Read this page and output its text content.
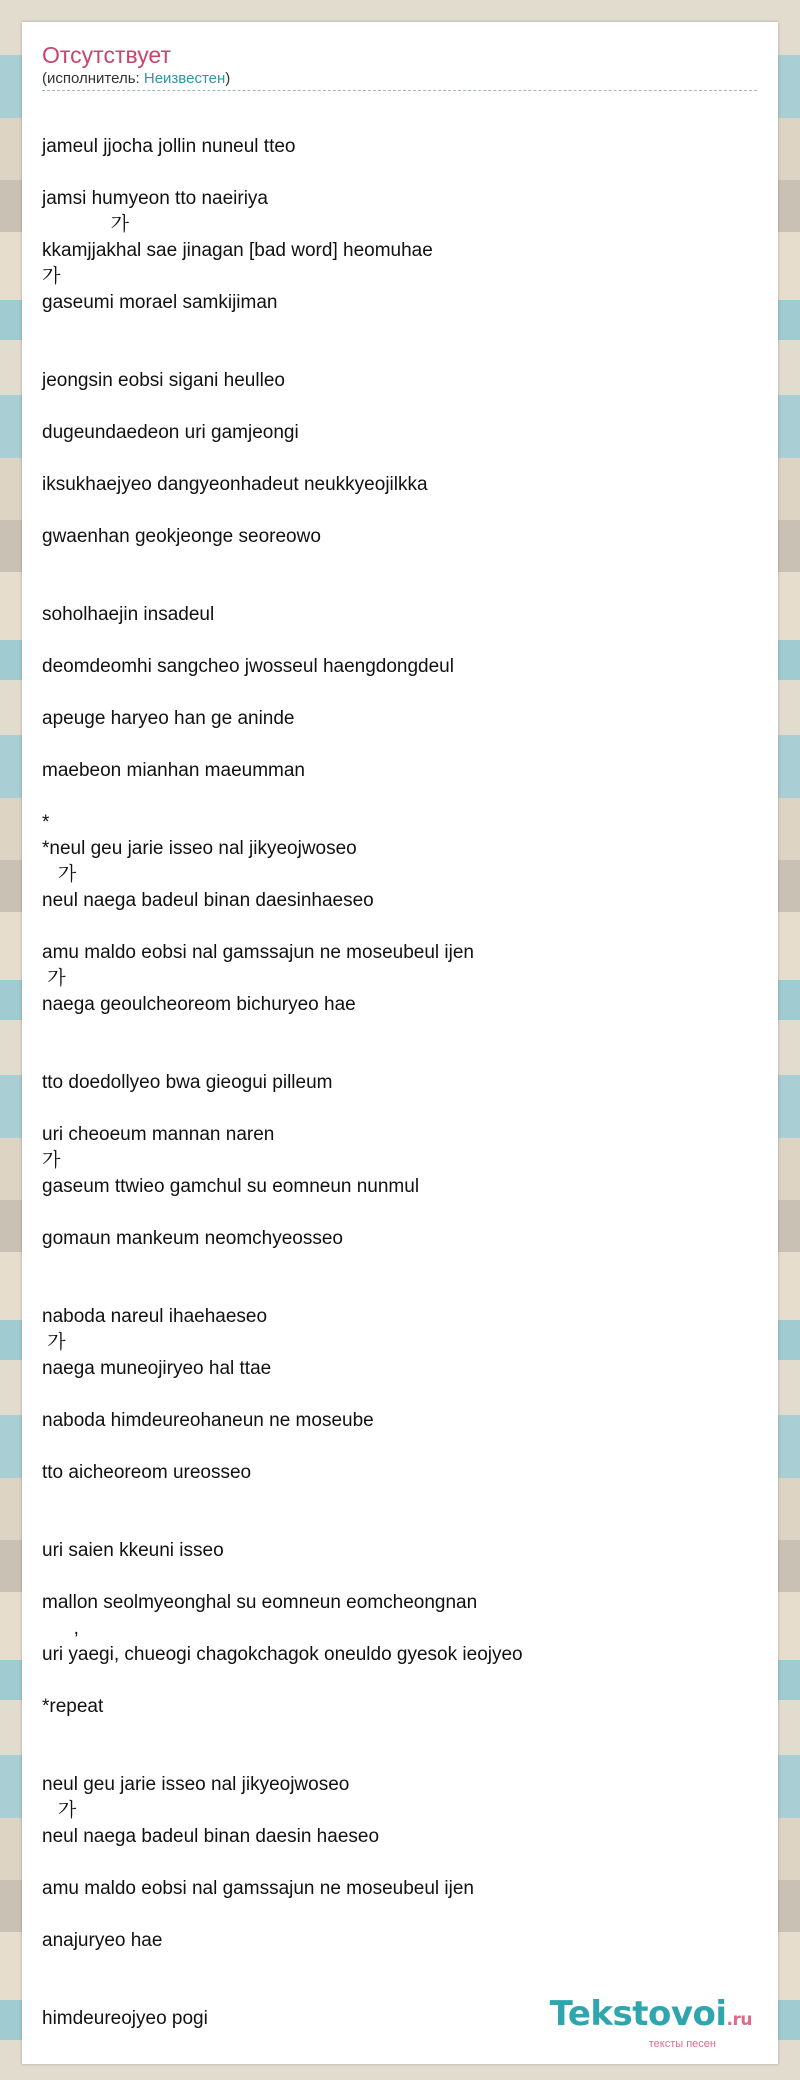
Отсутствует
(исполнитель: Неизвестен)
jameul jjocha jollin nuneul tteo
jamsi humyeon tto naeiriya
가
kkamjjakhal sae jinagan [bad word] heomuhae
가
gaseumi morael samkijiman
jeongsin eobsi sigani heulleo
dugeundaedeon uri gamjeongi
iksukhaejyeo dangyeonhadeut neukkyeojilkka
gwaenhan geokjeonge seoreowo
soholhaejin insadeul
deomdeomhi sangcheo jwosseul haengdongdeul
apeuge haryeo han ge aninde
maebeon mianhan maeumman
*
*neul geu jarie isseo nal jikyeojwoseo
가
neul naega badeul binan daesinhaeseo
amu maldo eobsi nal gamssajun ne moseubeul ijen
가
naega geoulcheoreom bichuryeo hae
tto doedollyeo bwa gieogui pilleum
uri cheoeum mannan naren
가
gaseum ttwieo gamchul su eomneun nunmul
gomaun mankeum neomchyeosseo
naboda nareul ihaehaeseo
가
naega muneojiryeo hal ttae
naboda himdeureohaneun ne moseube
tto aicheoreom ureosseo
uri saien kkeuni isseo
mallon seolmyeonghal su eomneun eomcheongnan
,
uri yaegi, chueogi chagokchagok oneuldo gyesok ieojyeo
*repeat
neul geu jarie isseo nal jikyeojwoseo
가
neul naega badeul binan daesin haeseo
amu maldo eobsi nal gamssajun ne moseubeul ijen
anajuryeo hae
himdeureojyeo pogi	Tekstovoi.ru
тексты песен
